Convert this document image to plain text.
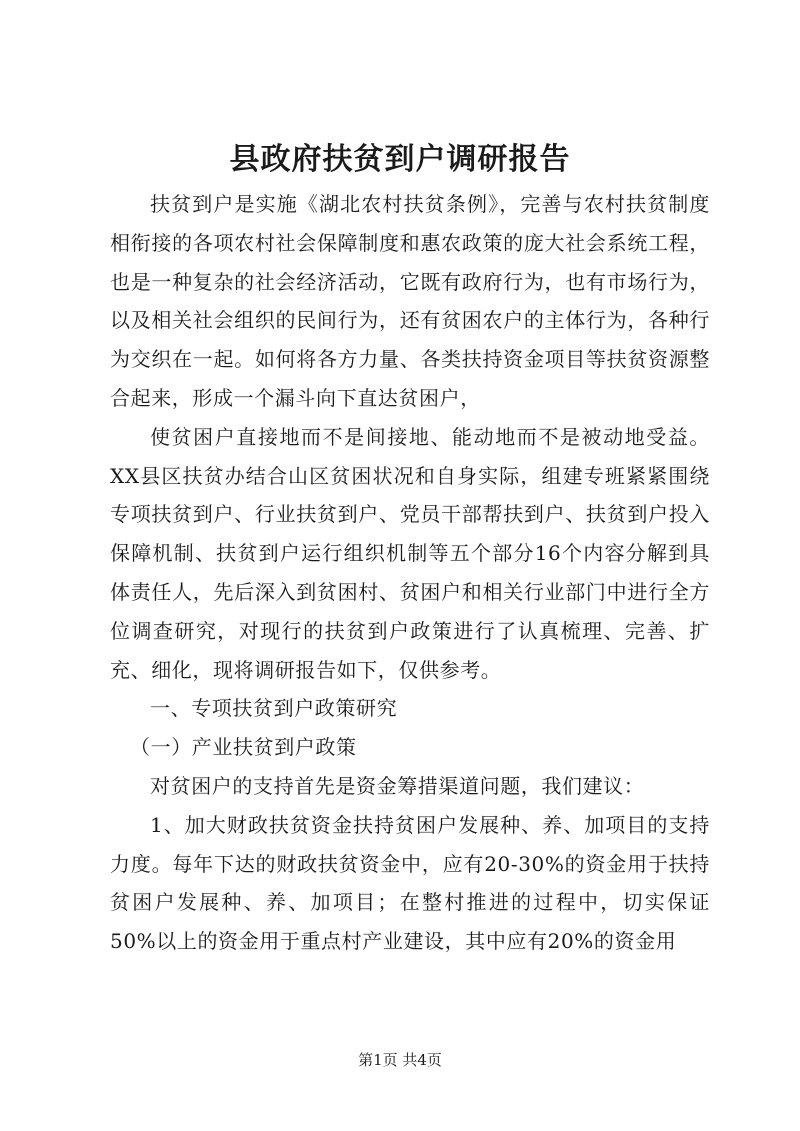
县政府扶贫到户调研报告

扶贫到户是实施《湖北农村扶贫条例》，完善与农村扶贫制度相衔接的各项农村社会保障制度和惠农政策的庞大社会系统工程，也是一种复杂的社会经济活动，它既有政府行为，也有市场行为，以及相关社会组织的民间行为，还有贫困农户的主体行为，各种行为交织在一起。如何将各方力量、各类扶持资金项目等扶贫资源整合起来，形成一个漏斗向下直达贫困户，

使贫困户直接地而不是间接地、能动地而不是被动地受益。XX县区扶贫办结合山区贫困状况和自身实际，组建专班紧紧围绕专项扶贫到户、行业扶贫到户、党员干部帮扶到户、扶贫到户投入保障机制、扶贫到户运行组织机制等五个部分16个内容分解到具体责任人，先后深入到贫困村、贫困户和相关行业部门中进行全方位调查研究，对现行的扶贫到户政策进行了认真梳理、完善、扩充、细化，现将调研报告如下，仅供参考。

一、专项扶贫到户政策研究

（一）产业扶贫到户政策

对贫困户的支持首先是资金筹措渠道问题，我们建议：

1、加大财政扶贫资金扶持贫困户发展种、养、加项目的支持力度。每年下达的财政扶贫资金中，应有20-30%的资金用于扶持贫困户发展种、养、加项目；在整村推进的过程中，切实保证50%以上的资金用于重点村产业建设，其中应有20%的资金用

第1页 共4页
